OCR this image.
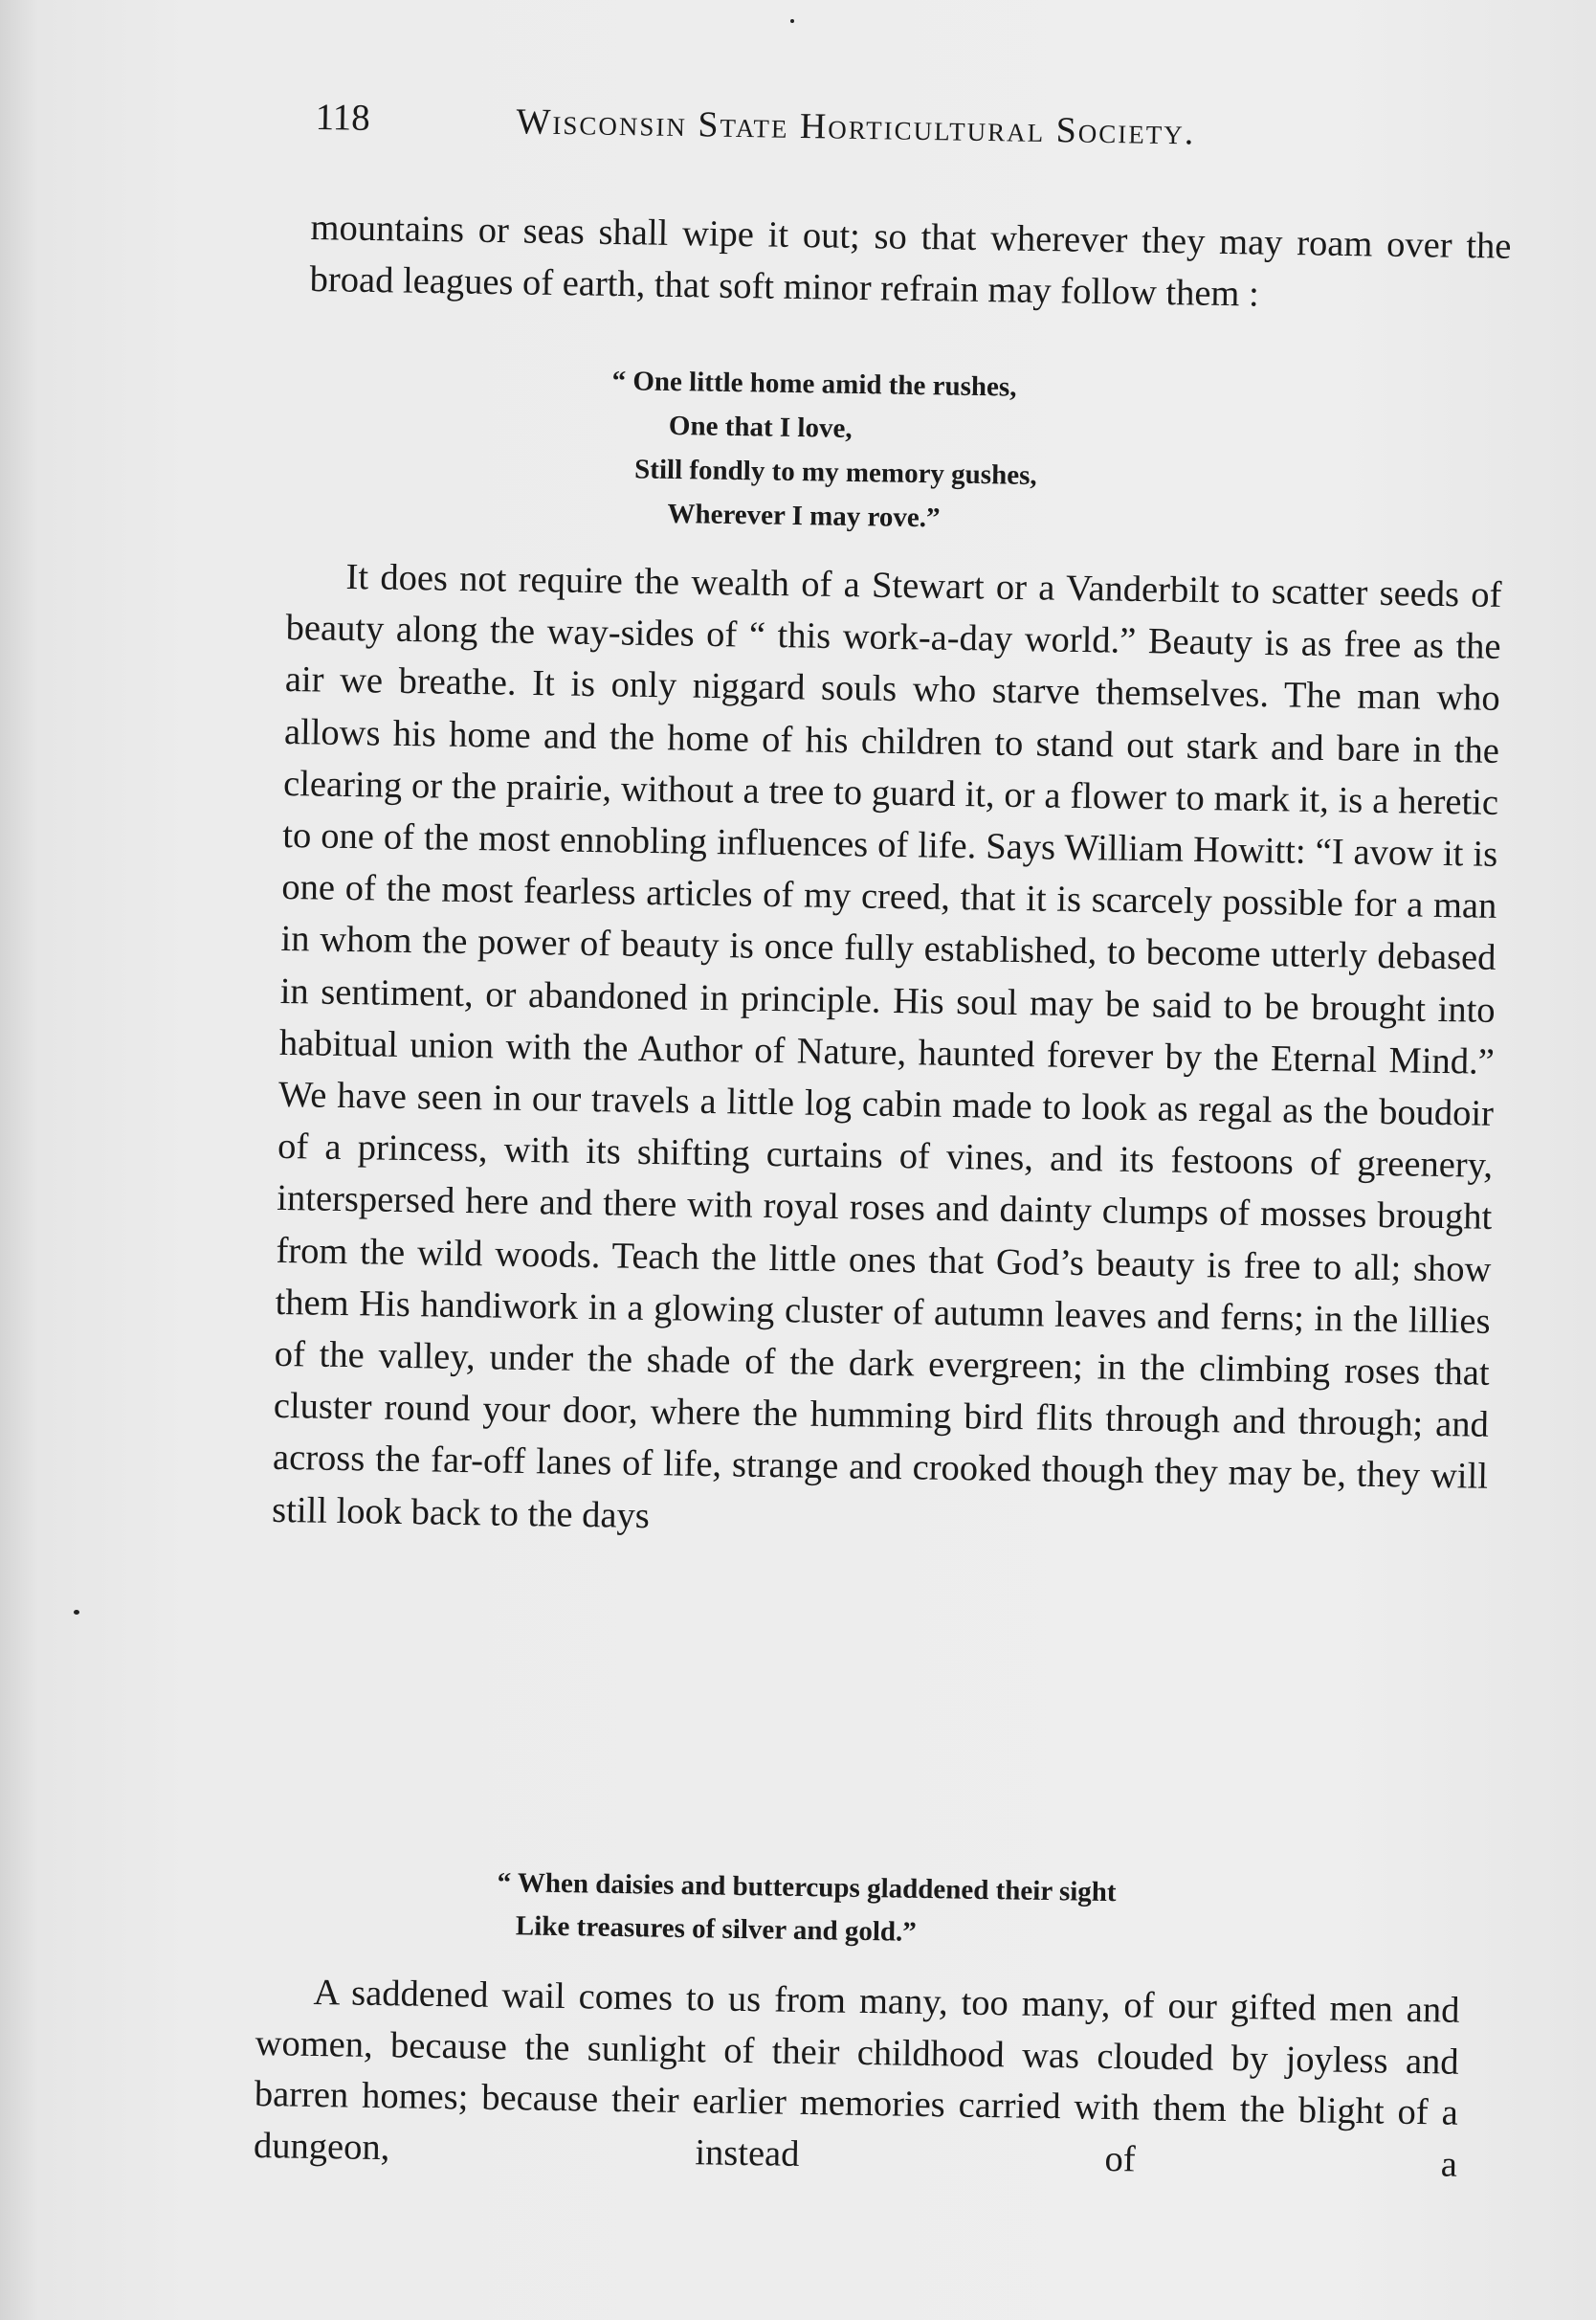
118	Wisconsin State Horticultural Society.

mountains or seas shall wipe it out; so that wherever they may roam over the broad leagues of earth, that soft minor refrain may follow them :

“ One little home amid the rushes,
One that I love,
Still fondly to my memory gushes,
Wherever I may rove.”

It does not require the wealth of a Stewart or a Vanderbilt to scatter seeds of beauty along the way-sides of “ this work-a-day world.” Beauty is as free as the air we breathe. It is only niggard souls who starve themselves. The man who allows his home and the home of his children to stand out stark and bare in the clearing or the prairie, without a tree to guard it, or a flower to mark it, is a heretic to one of the most ennobling influences of life. Says William Howitt: “I avow it is one of the most fearless articles of my creed, that it is scarcely possible for a man in whom the power of beauty is once fully established, to become utterly debased in sentiment, or abandoned in principle. His soul may be said to be brought into habitual union with the Author of Nature, haunted forever by the Eternal Mind.” We have seen in our travels a little log cabin made to look as regal as the boudoir of a princess, with its shifting curtains of vines, and its festoons of greenery, interspersed here and there with royal roses and dainty clumps of mosses brought from the wild woods. Teach the little ones that God’s beauty is free to all; show them His handiwork in a glowing cluster of autumn leaves and ferns; in the lillies of the valley, under the shade of the dark evergreen; in the climbing roses that cluster round your door, where the humming bird flits through and through; and across the far-off lanes of life, strange and crooked though they may be, they will still look back to the days

“ When daisies and buttercups gladdened their sight
Like treasures of silver and gold.”

A saddened wail comes to us from many, too many, of our gifted men and women, because the sunlight of their childhood was clouded by joyless and barren homes; because their earlier memories carried with them the blight of a dungeon, instead of a
